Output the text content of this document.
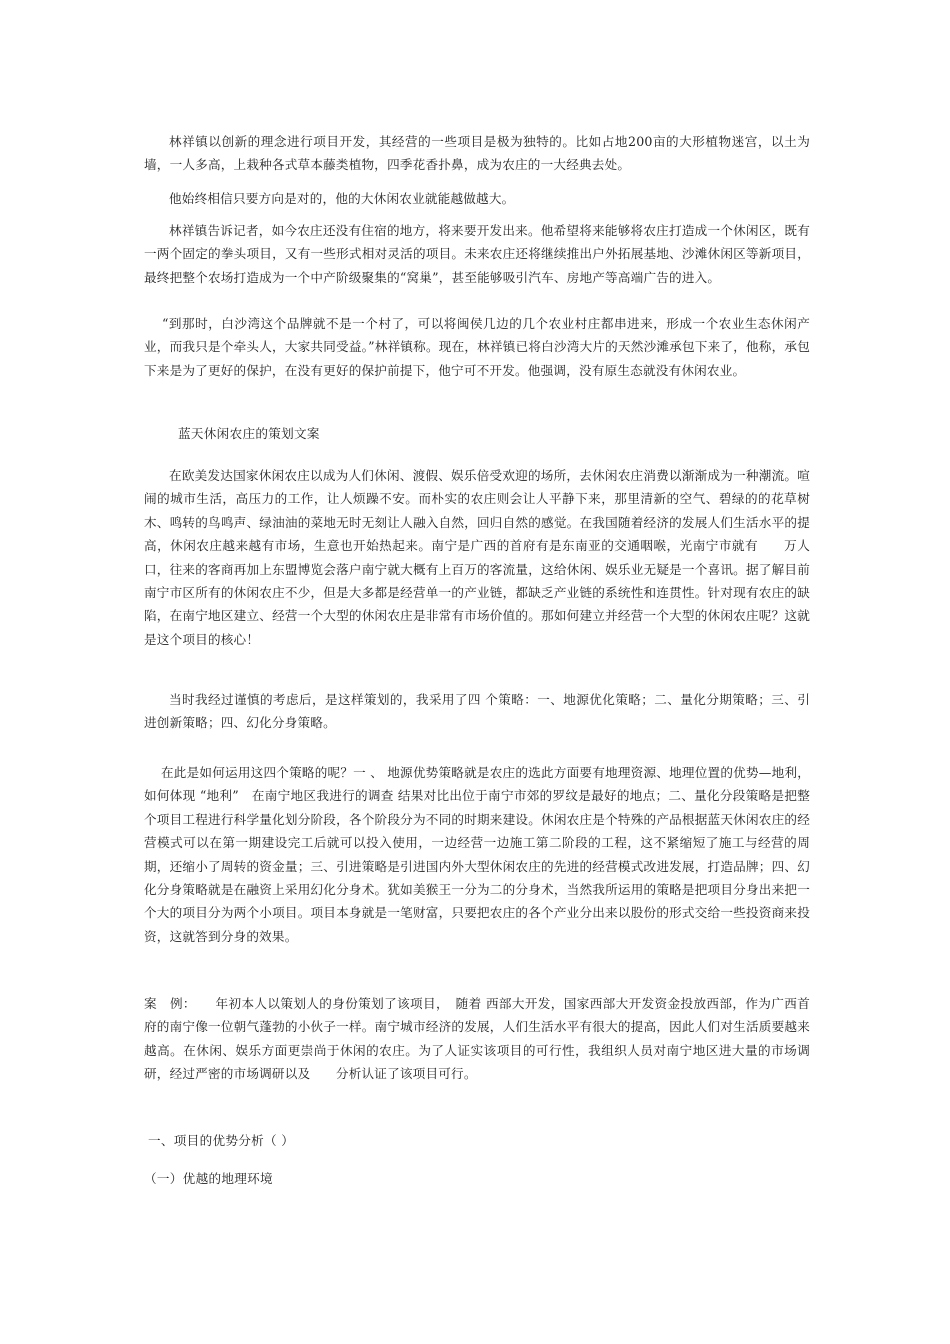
林祥镇以创新的理念进行项目开发，其经营的一些项目是极为独特的。比如占地200亩的大形植物迷宫，以土为墙，一人多高，上栽种各式草本藤类植物，四季花香扑鼻，成为农庄的一大经典去处。

他始终相信只要方向是对的，他的大休闲农业就能越做越大。

林祥镇告诉记者，如今农庄还没有住宿的地方，将来要开发出来。他希望将来能够将农庄打造成一个休闲区，既有一两个固定的拳头项目，又有一些形式相对灵活的项目。未来农庄还将继续推出户外拓展基地、沙滩休闲区等新项目，最终把整个农场打造成为一个中产阶级聚集的“窝巢”，甚至能够吸引汽车、房地产等高端广告的进入。

“到那时，白沙湾这个品牌就不是一个村了，可以将闽侯几边的几个农业村庄都串进来，形成一个农业生态休闲产业，而我只是个牵头人，大家共同受益。”林祥镇称。现在，林祥镇已将白沙湾大片的天然沙滩承包下来了，他称，承包下来是为了更好的保护，在没有更好的保护前提下，他宁可不开发。他强调，没有原生态就没有休闲农业。

蓝天休闲农庄的策划文案

在欧美发达国家休闲农庄以成为人们休闲、渡假、娱乐倍受欢迎的场所，去休闲农庄消费以渐渐成为一种潮流。喧闹的城市生活，高压力的工作，让人烦躁不安。而朴实的农庄则会让人平静下来，那里清新的空气、碧绿的的花草树木、鸣转的鸟鸣声、绿油油的菜地无时无刻让人融入自然，回归自然的感觉。在我国随着经济的发展人们生活水平的提高，休闲农庄越来越有市场，生意也开始热起来。南宁是广西的首府有是东南亚的交通咽喉，光南宁市就有　　万人口，往来的客商再加上东盟博览会落户南宁就大概有上百万的客流量，这给休闲、娱乐业无疑是一个喜讯。据了解目前南宁市区所有的休闲农庄不少，但是大多都是经营单一的产业链，都缺乏产业链的系统性和连贯性。针对现有农庄的缺陷，在南宁地区建立、经营一个大型的休闲农庄是非常有市场价值的。那如何建立并经营一个大型的休闲农庄呢？这就是这个项目的核心！

当时我经过谨慎的考虑后，是这样策划的，我采用了四 个策略：一、地源优化策略；二、量化分期策略；三、引进创新策略；四、幻化分身策略。

在此是如何运用这四个策略的呢？一 、 地源优势策略就是农庄的选此方面要有地理资源、地理位置的优势—地利，如何体现 “地利”　在南宁地区我进行的调查 结果对比出位于南宁市郊的罗纹是最好的地点；二、量化分段策略是把整个项目工程进行科学量化划分阶段，各个阶段分为不同的时期来建设。休闲农庄是个特殊的产品根据蓝天休闲农庄的经营模式可以在第一期建设完工后就可以投入使用，一边经营一边施工第二阶段的工程，这不紧缩短了施工与经营的周期，还缩小了周转的资金量；三、引进策略是引进国内外大型休闲农庄的先进的经营模式改进发展，打造品牌；四、幻化分身策略就是在融资上采用幻化分身术。犹如美猴王一分为二的分身术，当然我所运用的策略是把项目分身出来把一个大的项目分为两个小项目。项目本身就是一笔财富，只要把农庄的各个产业分出来以股份的形式交给一些投资商来投资，这就答到分身的效果。

案　例：　　年初本人以策划人的身份策划了该项目，　随着 西部大开发，国家西部大开发资金投放西部，作为广西首府的南宁像一位朝气蓬勃的小伙子一样。南宁城市经济的发展，人们生活水平有很大的提高，因此人们对生活质要越来越高。在休闲、娱乐方面更崇尚于休闲的农庄。为了人证实该项目的可行性，我组织人员对南宁地区进大量的市场调研，经过严密的市场调研以及　　分析认证了该项目可行。

一、项目的优势分析（ ）

（一）优越的地理环境
